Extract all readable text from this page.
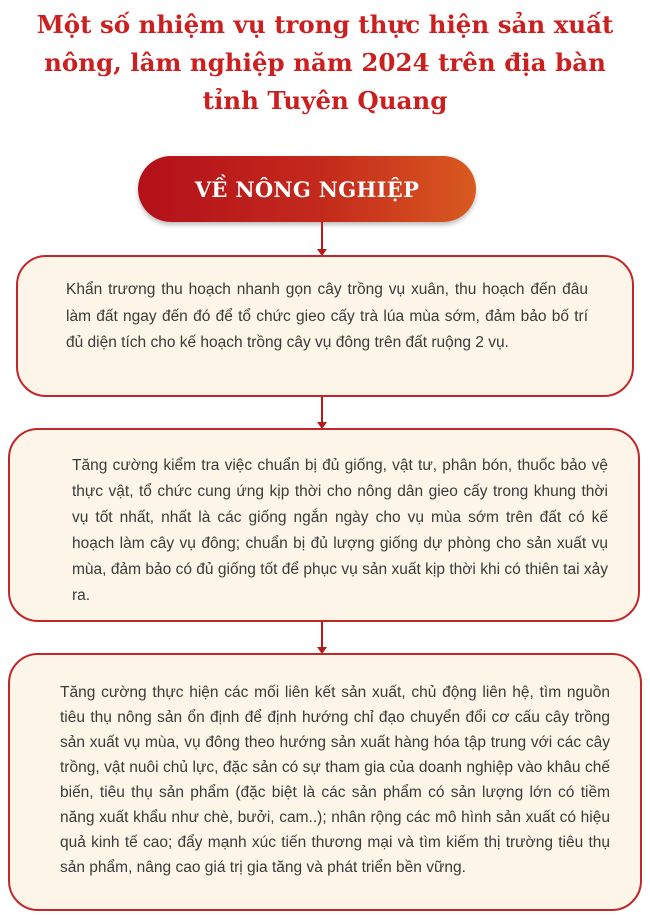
Một số nhiệm vụ trong thực hiện sản xuất
nông, lâm nghiệp năm 2024 trên địa bàn
tỉnh Tuyên Quang
VỀ NÔNG NGHIỆP

Khẩn trương thu hoạch nhanh gọn cây trồng vụ xuân, thu hoạch đến đâu làm đất ngay đến đó để tổ chức gieo cấy trà lúa mùa sớm, đảm bảo bố trí đủ diện tích cho kế hoạch trồng cây vụ đông trên đất ruộng 2 vụ.

Tăng cường kiểm tra việc chuẩn bị đủ giống, vật tư, phân bón, thuốc bảo vệ thực vật, tổ chức cung ứng kịp thời cho nông dân gieo cấy trong khung thời vụ tốt nhất, nhất là các giống ngắn ngày cho vụ mùa sớm trên đất có kế hoạch làm cây vụ đông; chuẩn bị đủ lượng giống dự phòng cho sản xuất vụ mùa, đảm bảo có đủ giống tốt để phục vụ sản xuất kịp thời khi có thiên tai xảy ra.

Tăng cường thực hiện các mối liên kết sản xuất, chủ động liên hệ, tìm nguồn tiêu thụ nông sản ổn định để định hướng chỉ đạo chuyển đổi cơ cấu cây trồng sản xuất vụ mùa, vụ đông theo hướng sản xuất hàng hóa tập trung với các cây trồng, vật nuôi chủ lực, đặc sản có sự tham gia của doanh nghiệp vào khâu chế biến, tiêu thụ sản phẩm (đặc biệt là các sản phẩm có sản lượng lớn có tiềm năng xuất khẩu như chè, bưởi, cam..); nhân rộng các mô hình sản xuất có hiệu quả kinh tế cao; đẩy mạnh xúc tiến thương mại và tìm kiếm thị trường tiêu thụ sản phẩm, nâng cao giá trị gia tăng và phát triển bền vững.
